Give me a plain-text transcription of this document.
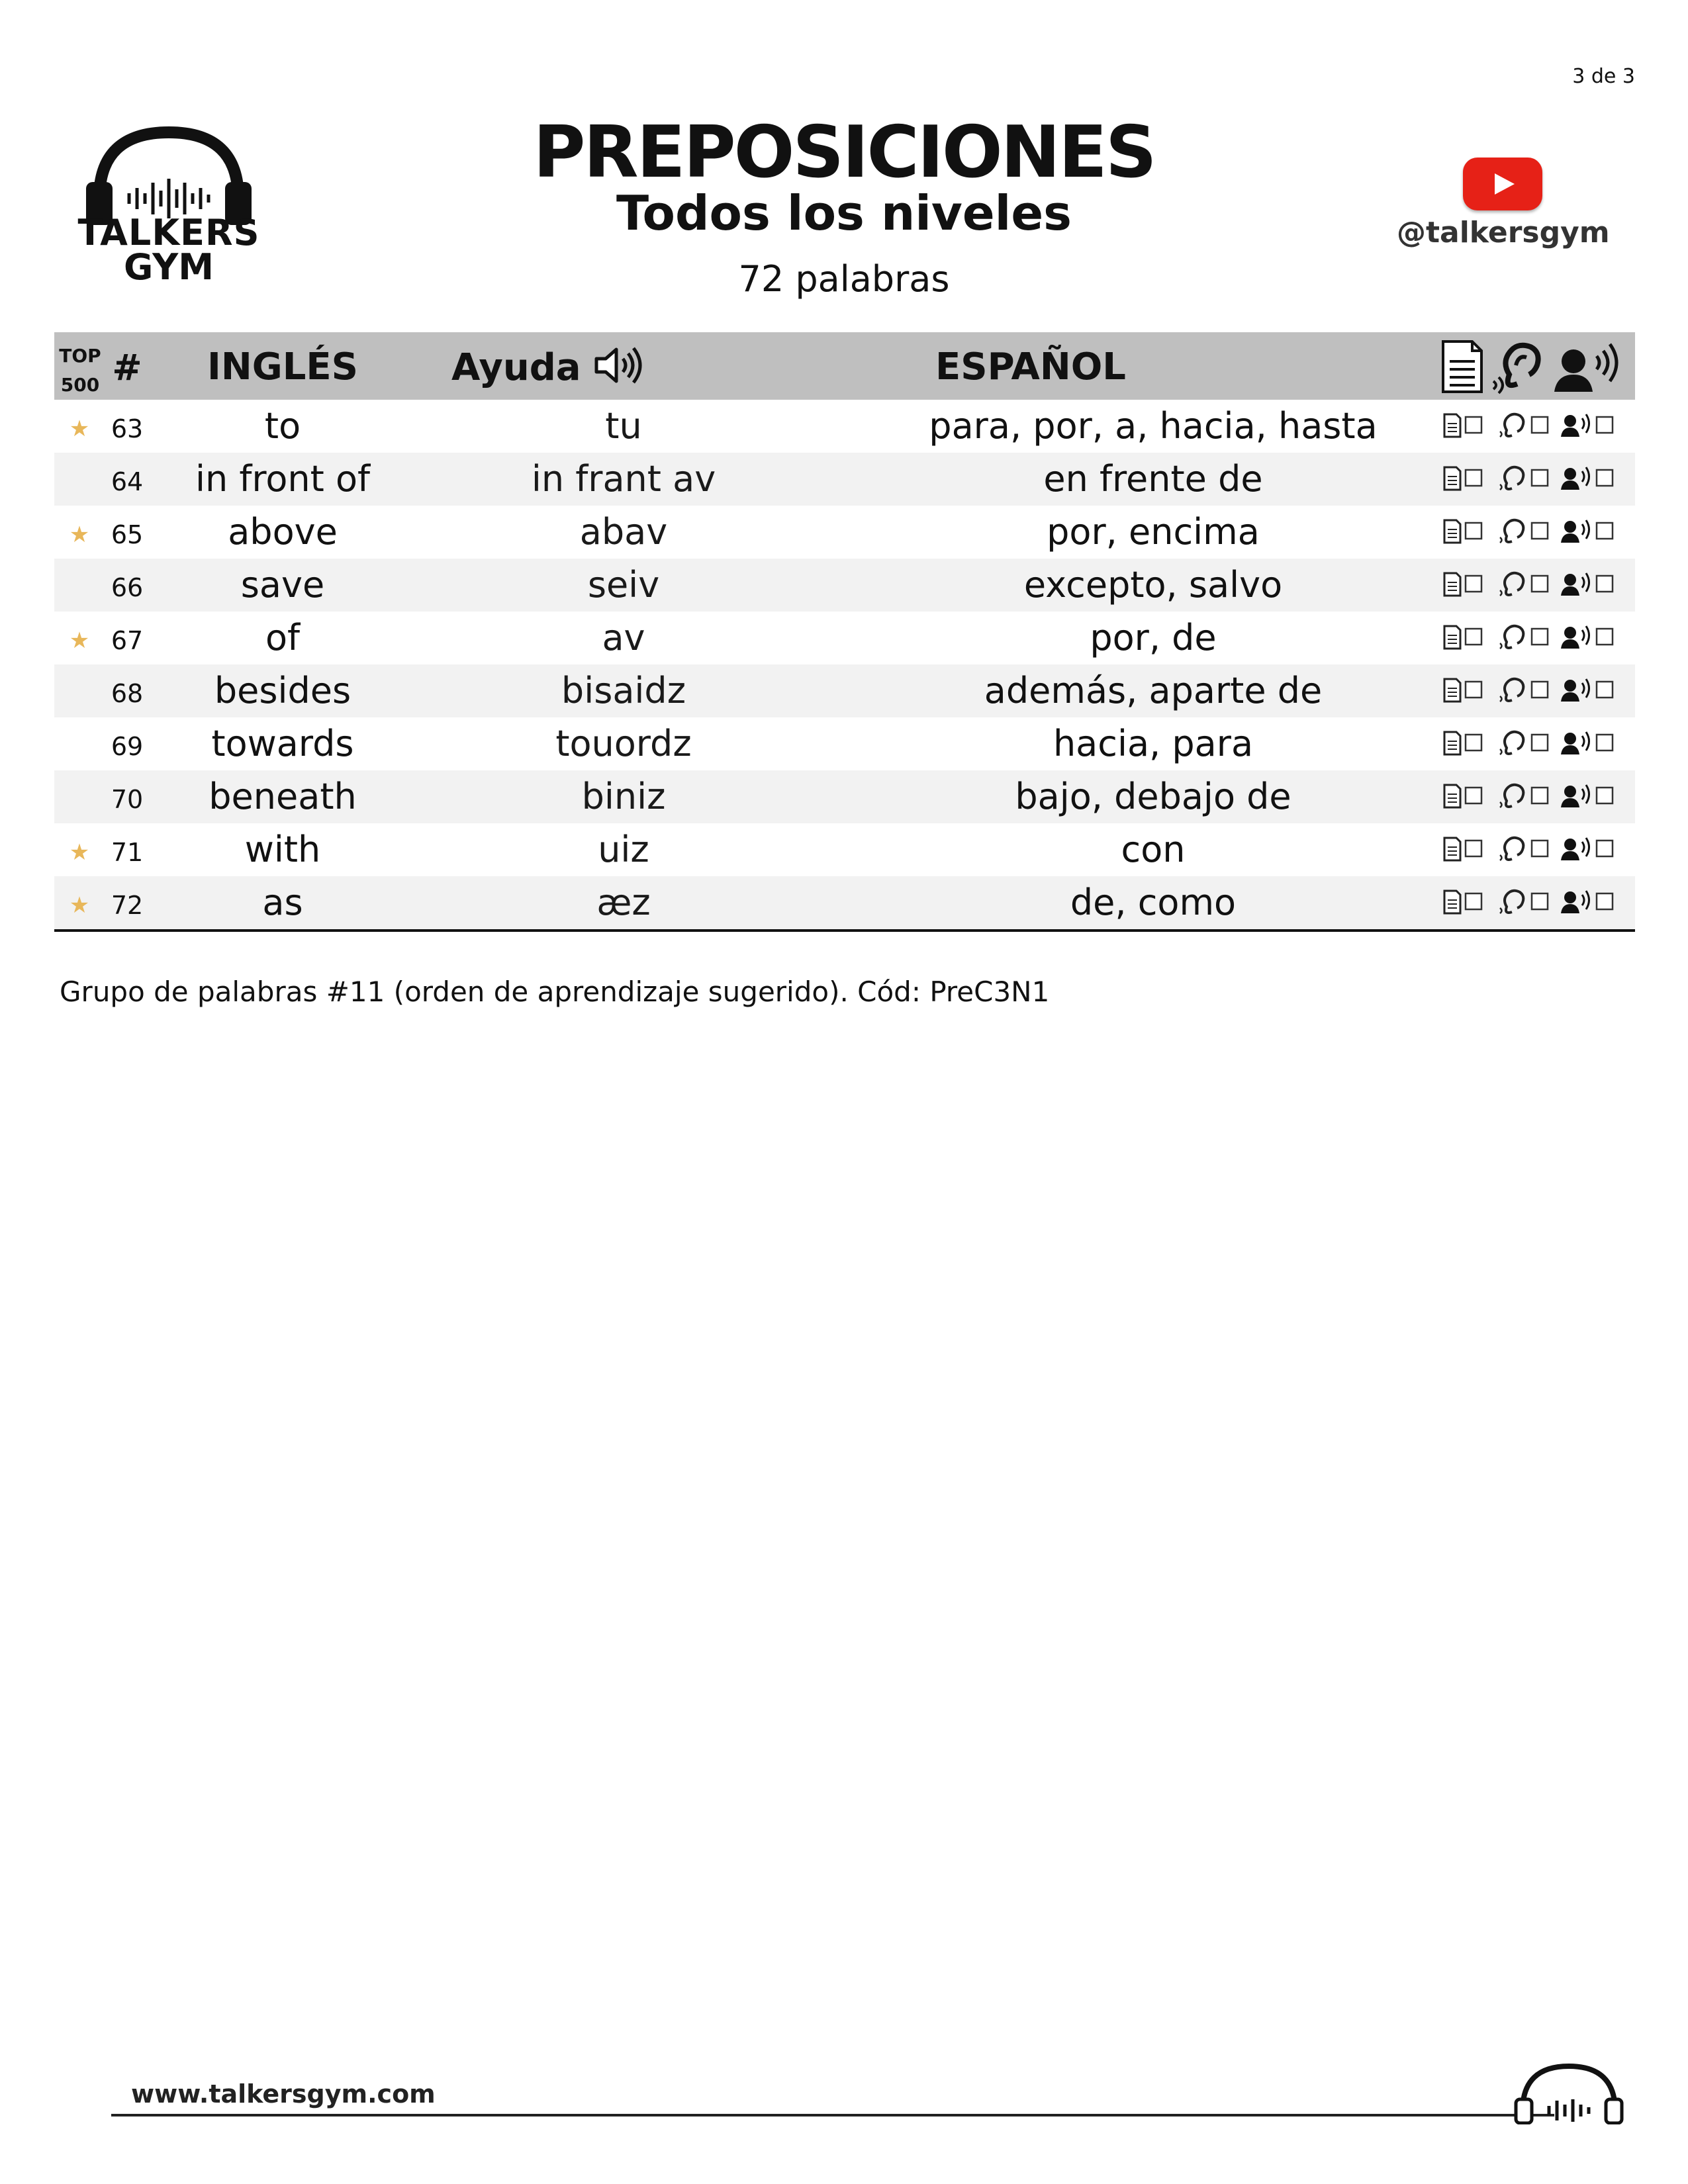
3 de 3
TALKERS
GYM
PREPOSICIONES
Todos los niveles
72 palabras
@talkersgym
TOP
500 #	INGLÉS	Ayuda	ESPAÑOL
★ 63	to	tu	para, por, a, hacia, hasta
64	in front of	in frant av	en frente de
★ 65	above	abav	por, encima
66	save	seiv	excepto, salvo
★ 67	of	av	por, de
68	besides	bisaidz	además, aparte de
69	towards	touordz	hacia, para
70	beneath	biniz	bajo, debajo de
★ 71	with	uiz	con
★ 72	as	æz	de, como
Grupo de palabras #11 (orden de aprendizaje sugerido). Cód: PreC3N1
www.talkersgym.com
